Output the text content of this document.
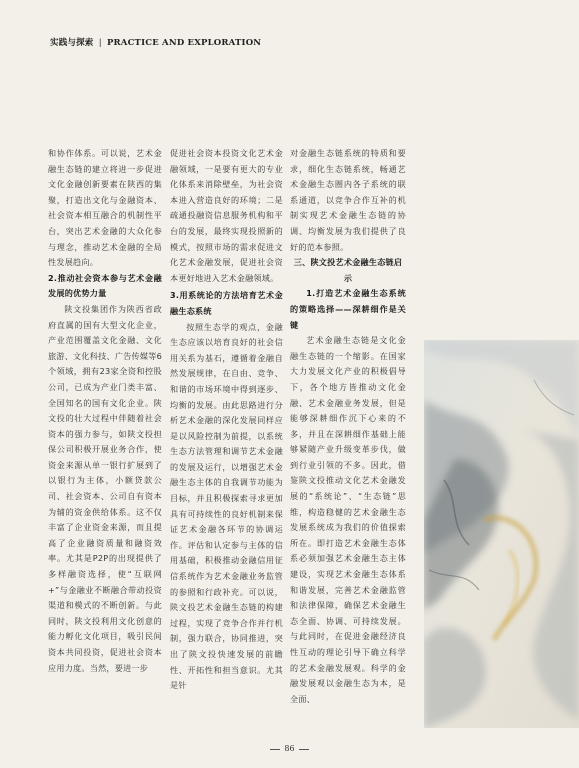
实践与探索 | PRACTICE AND EXPLORATION

和协作体系。可以说，艺术金融生态链的建立将进一步促进文化金融创新要素在陕西的集聚，打造出文化与金融资本、社会资本相互融合的机制性平台，突出艺术金融的大众化参与理念，推动艺术金融的全局性发展趋向。

2.推动社会资本参与艺术金融发展的优势力量

陕文投集团作为陕西省政府直属的国有大型文化企业，产业范围覆盖文化金融、文化旅游、文化科技、广告传媒等6个领域，拥有23家全资和控股公司，已成为产业门类丰富、全国知名的国有文化企业。陕文投的壮大过程中伴随着社会资本的强力参与，如陕文投担保公司积极开展业务合作，使资金来源从单一银行扩展到了以银行为主体，小额贷款公司、社会资本、公司自有资本为辅的资金供给体系。这不仅丰富了企业资金来源，而且提高了企业融资质量和融资效率。尤其是P2P的出现提供了多样融资选择，使“互联网+”与金融业不断融合带动投资渠道和模式的不断创新。与此同时，陕文投利用文化创意的能力孵化文化项目，吸引民间资本共同投资，促进社会资本应用力度。当然，要进一步

促进社会资本投资文化艺术金融领域，一是要有更大的专业化体系来消除壁垒，为社会资本进入营造良好的环境；二是疏通投融资信息服务机构和平台的发展，最终实现投照新的模式，按照市场的需求促进文化艺术金融发展，促进社会资本更好地进入艺术金融领域。

3.用系统论的方法培育艺术金融生态系统

按照生态学的观点，金融生态应该以培育良好的社会信用关系为基石，遵循着金融自然发展规律，在自由、竞争、和谐的市场环境中得到逐步、均衡的发展。由此思路进行分析艺术金融的深化发展同样应是以风险控制为前提，以系统生态方法管理和调节艺术金融的发展及运行，以增强艺术金融生态主体的自我调节功能为目标，并且积极探索寻求更加具有可持续性的良好机制来保证艺术金融各环节的协调运作。评估和认定参与主体的信用基础，积极推动金融信用征信系统作为艺术金融业务监管的参照和行政补充。可以说，陕文投艺术金融生态链的构建过程，实现了竞争合作并行机制，强力联合，协同推进，突出了陕文投快速发展的前瞻性、开拓性和担当意识。尤其是针

对金融生态链系统的特质和要求，细化生态链系统，畅通艺术金融生态圈内各子系统的联系通道，以竞争合作互补的机制实现艺术金融生态链的协调、均衡发展为我们提供了良好的范本参照。

三、陕文投艺术金融生态链启示

1.打造艺术金融生态系统的策略选择——深耕细作是关键

艺术金融生态链是文化金融生态链的一个缩影。在国家大力发展文化产业的积极倡导下，各个地方皆推动文化金融、艺术金融业务发展，但是能够深耕细作沉下心来的不多，并且在深耕细作基础上能够紧随产业升级变革步伐，做到行业引领的不多。因此，借鉴陕文投推动文化艺术金融发展的“系统论”、“生态链”思维，构造稳健的艺术金融生态发展系统成为我们的价值探索所在。即打造艺术金融生态体系必须加强艺术金融生态主体建设，实现艺术金融生态体系和谐发展，完善艺术金融监管和法律保障，确保艺术金融生态全面、协调、可持续发展。与此同时，在促进金融经济良性互动的理论引导下确立科学的艺术金融发展观。科学的金融发展观以金融生态为本，是全面、

86
